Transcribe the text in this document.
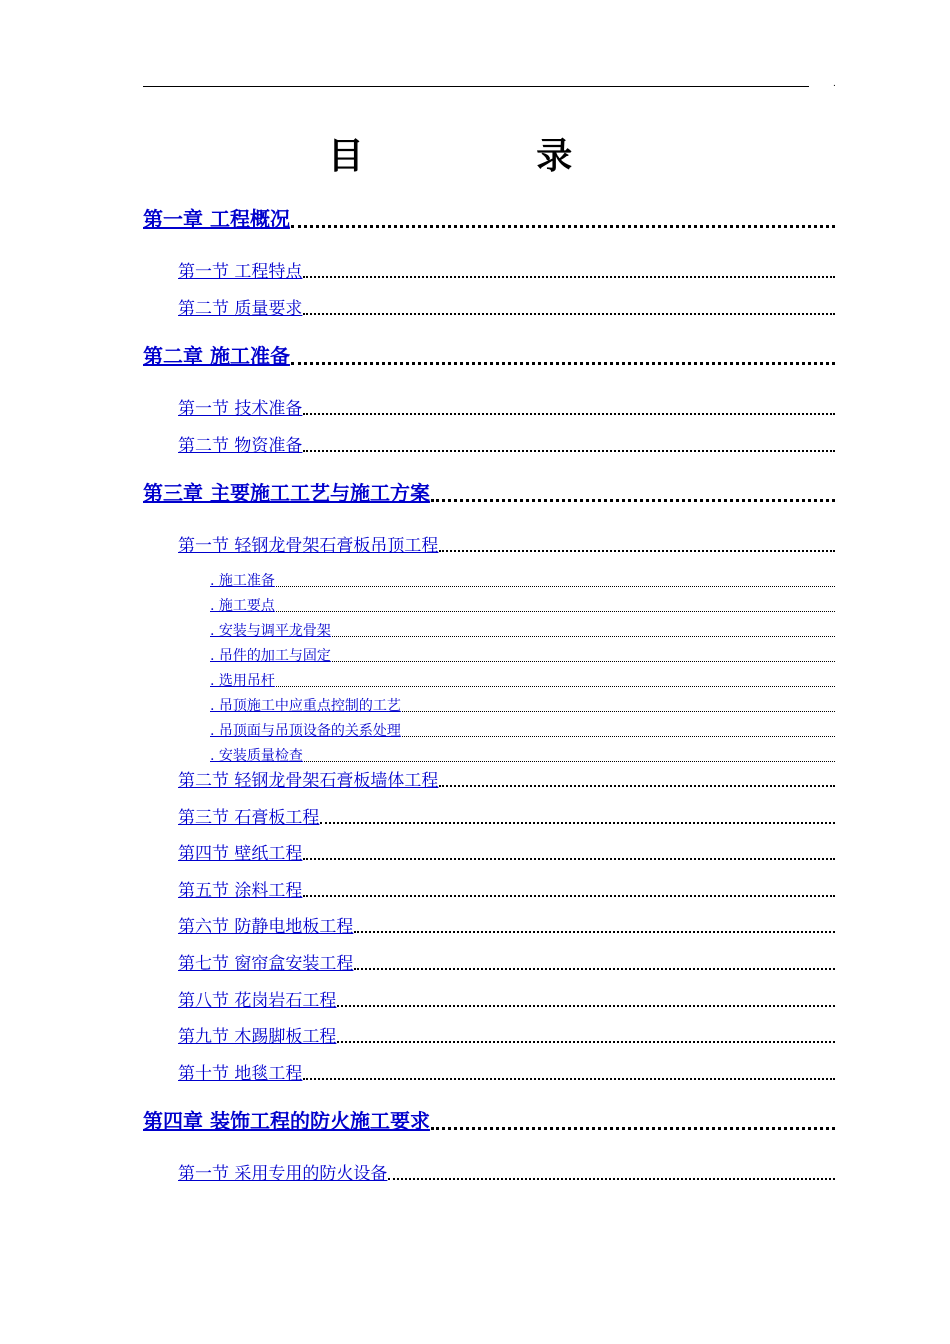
.
目 录
第一章 工程概况
第一节 工程特点
第二节 质量要求
第二章 施工准备
第一节 技术准备
第二节 物资准备
第三章 主要施工工艺与施工方案
第一节 轻钢龙骨架石膏板吊顶工程
. 施工准备
. 施工要点
. 安装与调平龙骨架
. 吊件的加工与固定
. 选用吊杆
. 吊顶施工中应重点控制的工艺
. 吊顶面与吊顶设备的关系处理
. 安装质量检查
第二节 轻钢龙骨架石膏板墙体工程
第三节 石膏板工程
第四节 壁纸工程
第五节 涂料工程
第六节 防静电地板工程
第七节 窗帘盒安装工程
第八节 花岗岩石工程
第九节 木踢脚板工程
第十节 地毯工程
第四章 装饰工程的防火施工要求
第一节 采用专用的防火设备
